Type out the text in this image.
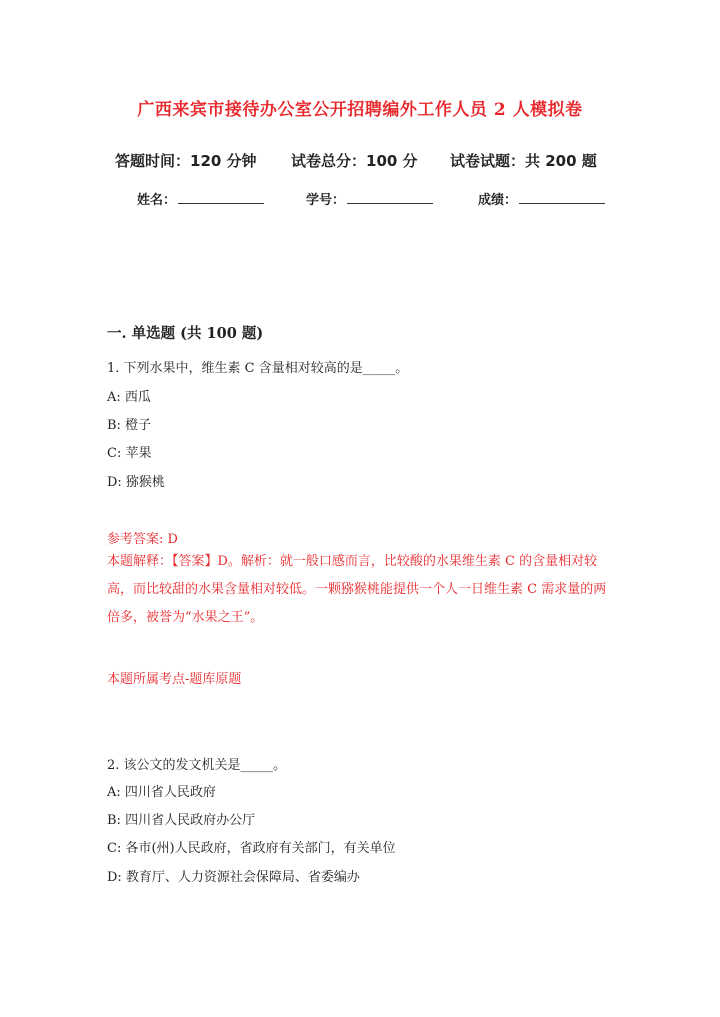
广西来宾市接待办公室公开招聘编外工作人员 2 人模拟卷
答题时间：120 分钟 试卷总分：100 分 试卷试题：共 200 题
姓名：	学号：	成绩：
一. 单选题 (共 100 题)
1. 下列水果中，维生素 C 含量相对较高的是_____。
A: 西瓜
B: 橙子
C: 苹果
D: 猕猴桃
参考答案: D
本题解释：【答案】D。解析：就一般口感而言，比较酸的水果维生素 C 的含量相对较高，而比较甜的水果含量相对较低。一颗猕猴桃能提供一个人一日维生素 C 需求量的两倍多，被誉为“水果之王”。
本题所属考点-题库原题
2. 该公文的发文机关是_____。
A: 四川省人民政府
B: 四川省人民政府办公厅
C: 各市(州)人民政府，省政府有关部门，有关单位
D: 教育厅、人力资源社会保障局、省委编办
